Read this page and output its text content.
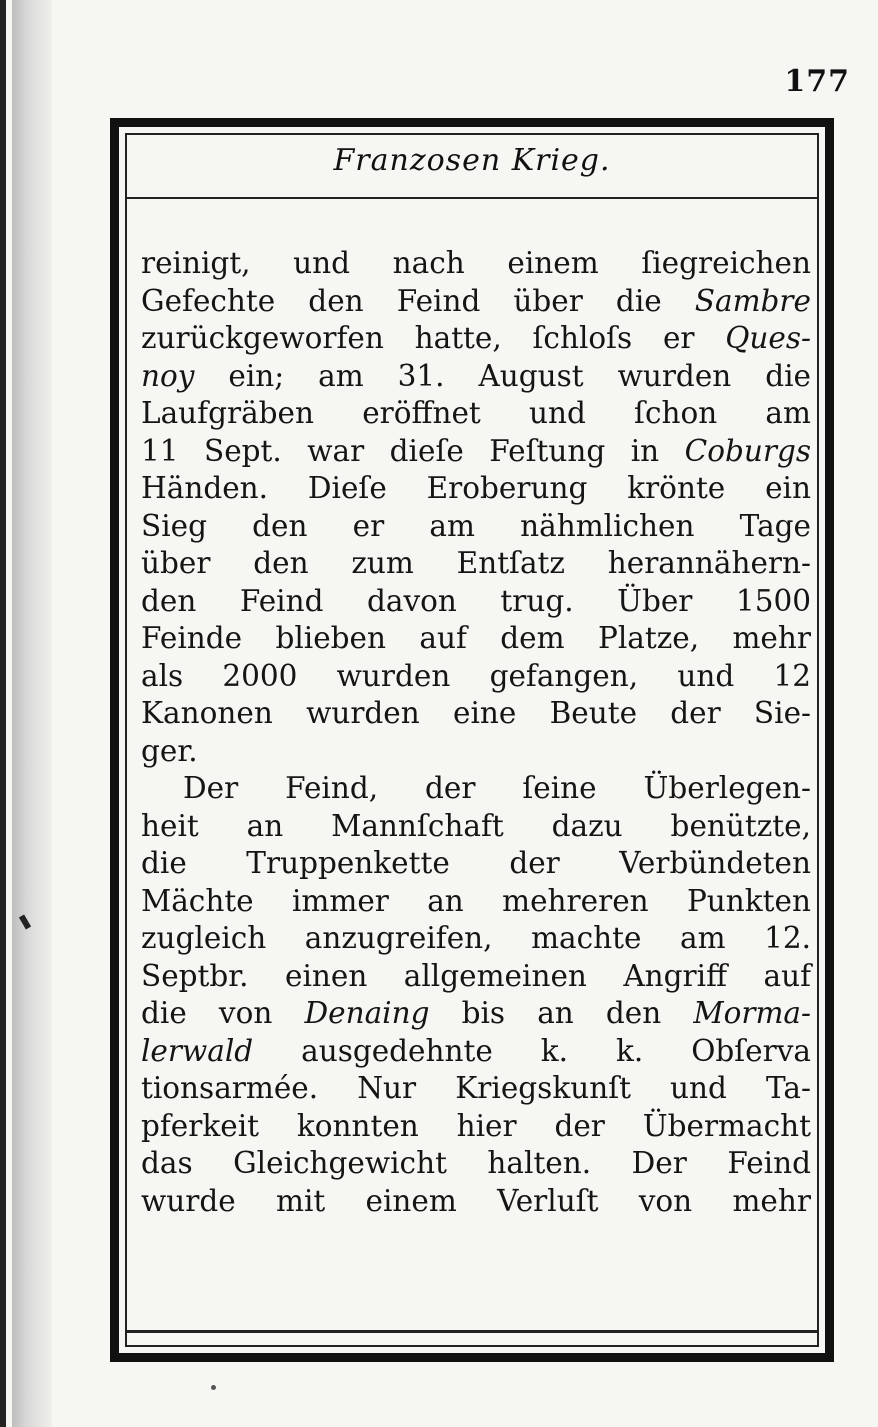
177
Franzosen Krieg.
reinigt, und nach einem ſiegreichen
Gefechte den Feind über die Sambre
zurückgeworfen hatte, ſchloſs er Ques-
noy ein; am 31. August wurden die
Laufgräben eröffnet und ſchon am
11 Sept. war dieſe Feſtung in Coburgs
Händen. Dieſe Eroberung krönte ein
Sieg den er am nähmlichen Tage
über den zum Entſatz herannähern-
den Feind davon trug. Über 1500
Feinde blieben auf dem Platze, mehr
als 2000 wurden gefangen, und 12
Kanonen wurden eine Beute der Sie-
ger.
Der Feind, der ſeine Überlegen-
heit an Mannſchaft dazu benützte,
die Truppenkette der Verbündeten
Mächte immer an mehreren Punkten
zugleich anzugreifen, machte am 12.
Septbr. einen allgemeinen Angriff auf
die von Denaing bis an den Morma-
lerwald ausgedehnte k. k. Obſerva
tionsarmée. Nur Kriegskunſt und Ta-
pferkeit konnten hier der Übermacht
das Gleichgewicht halten. Der Feind
wurde mit einem Verluſt von mehr
